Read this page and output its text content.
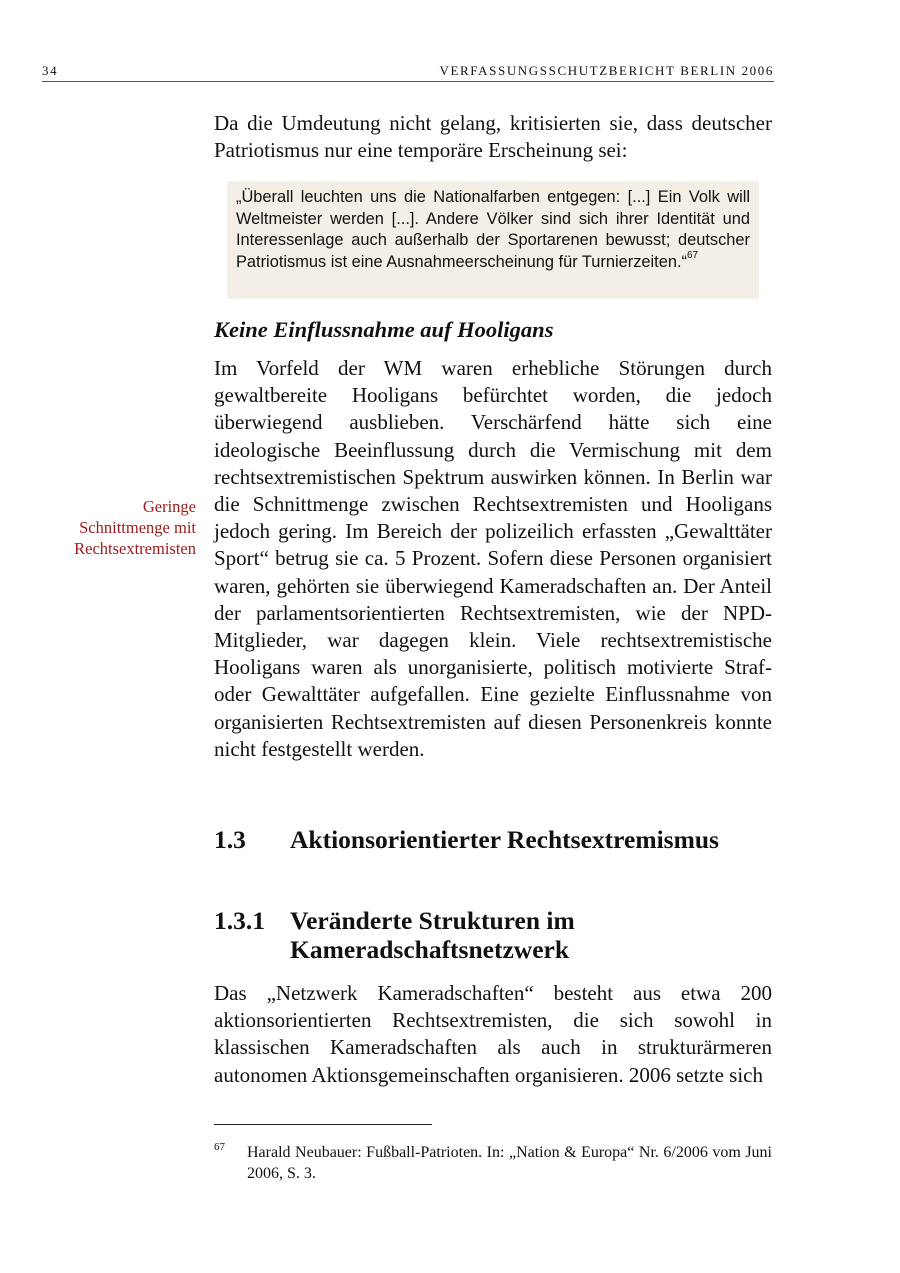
34	VERFASSUNGSSCHUTZBERICHT BERLIN 2006

Da die Umdeutung nicht gelang, kritisierten sie, dass deutscher Patriotismus nur eine temporäre Erscheinung sei:

„Überall leuchten uns die Nationalfarben entgegen: [...] Ein Volk will Weltmeister werden [...]. Andere Völker sind sich ihrer Identität und Interessenlage auch außerhalb der Sportarenen bewusst; deutscher Patriotismus ist eine Ausnahmeerscheinung für Turnierzeiten.“$^{67}$

Keine Einflussnahme auf Hooligans

Im Vorfeld der WM waren erhebliche Störungen durch gewaltbereite Hooligans befürchtet worden, die jedoch überwiegend ausblieben. Verschärfend hätte sich eine ideologische Beeinflussung durch die Vermischung mit dem rechtsextremistischen Spektrum auswirken können. In Berlin war die Schnittmenge zwischen Rechtsextremisten und Hooligans jedoch gering. Im Bereich der polizeilich erfassten „Gewalttäter Sport“ betrug sie ca. 5 Prozent. Sofern diese Personen organisiert waren, gehörten sie überwiegend Kameradschaften an. Der Anteil der parlamentsorientierten Rechtsextremisten, wie der NPD-Mitglieder, war dagegen klein. Viele rechtsextremistische Hooligans waren als unorganisierte, politisch motivierte Straf- oder Gewalttäter aufgefallen. Eine gezielte Einflussnahme von organisierten Rechtsextremisten auf diesen Personenkreis konnte nicht festgestellt werden.

Geringe
Schnittmenge mit
Rechtsextremisten
1.3 Aktionsorientierter Rechtsextremismus
1.3.1 Veränderte Strukturen im Kameradschaftsnetzwerk

Das „Netzwerk Kameradschaften“ besteht aus etwa 200 aktionsorientierten Rechtsextremisten, die sich sowohl in klassischen Kameradschaften als auch in strukturärmeren autonomen Aktionsgemeinschaften organisieren. 2006 setzte sich

67 Harald Neubauer: Fußball-Patrioten. In: „Nation & Europa“ Nr. 6/2006 vom Juni 2006, S. 3.
